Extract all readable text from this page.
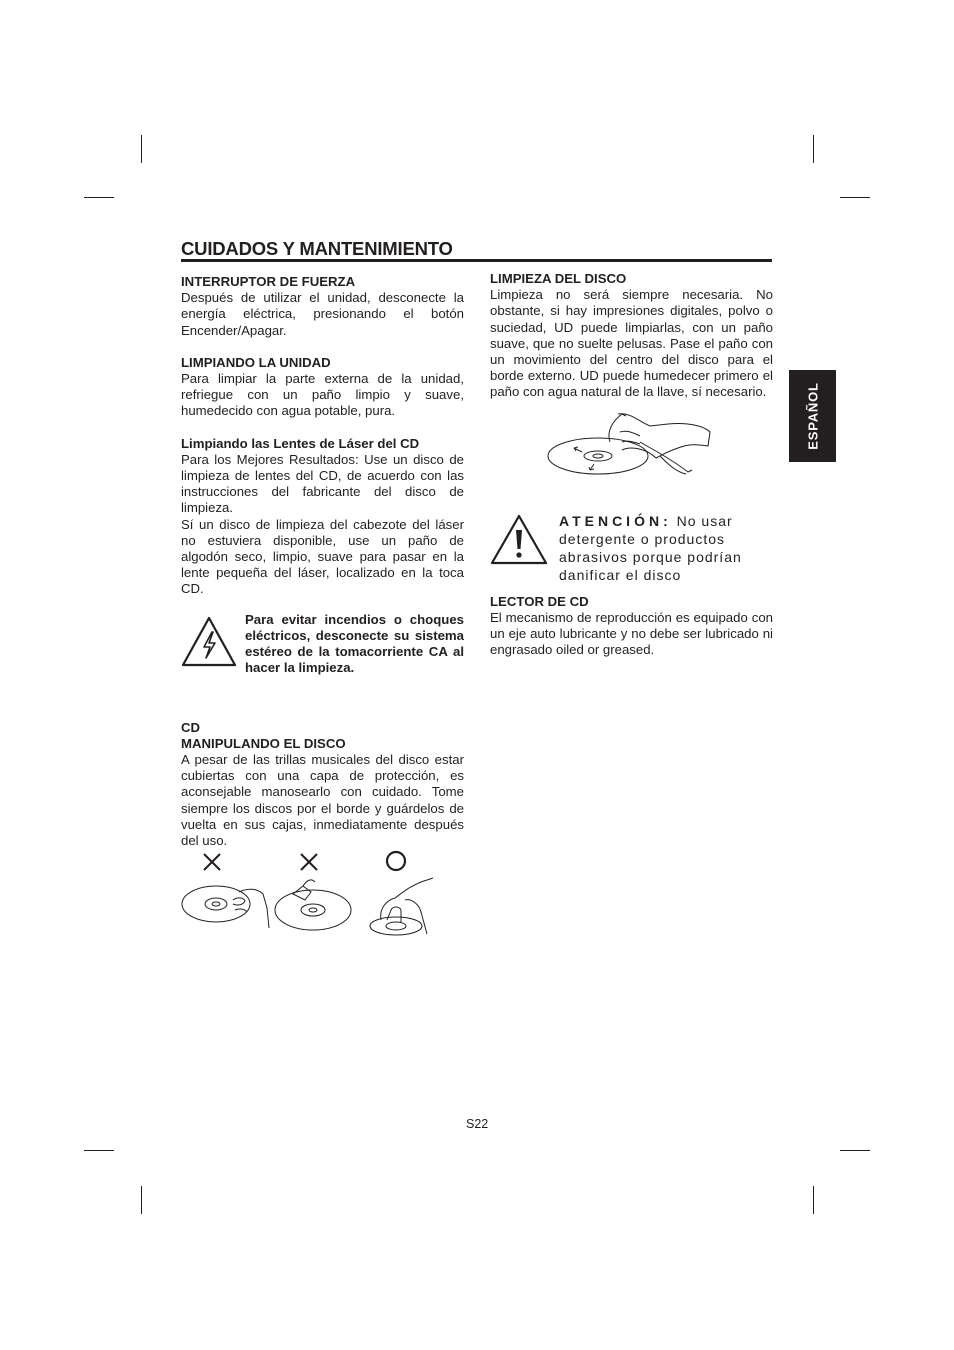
CUIDADOS Y MANTENIMIENTO
INTERRUPTOR DE FUERZA

Después de utilizar el unidad, desconecte la energía eléctrica, presionando el botón Encender/Apagar.

LIMPIANDO LA UNIDAD

Para limpiar la parte externa de la unidad, refriegue con un paño limpio y suave, humedecido con agua potable, pura.

Limpiando las Lentes de Láser del CD

Para los Mejores Resultados: Use un disco de limpieza de lentes del CD, de acuerdo con las instrucciones del fabricante del disco de limpieza.

Sí un disco de limpieza del cabezote del láser no estuviera disponible, use un paño de algodón seco, limpio, suave para pasar en la lente pequeña del láser, localizado en la toca CD.

Para evitar incendios o choques eléctricos, desconecte su sistema estéreo de la tomacorriente CA al hacer la limpieza.
CD
MANIPULANDO EL DISCO

A pesar de las trillas musicales del disco estar cubiertas con una capa de protección, es aconsejable manosearlo con cuidado. Tome siempre los discos por el borde y guárdelos de vuelta en sus cajas, inmediatamente después del uso.

LIMPIEZA DEL DISCO

Limpieza no será siempre necesaria. No obstante, si hay impresiones digitales, polvo o suciedad, UD puede limpiarlas, con un paño suave, que no suelte pelusas. Pase el paño con un movimiento del centro del disco para el borde externo. UD puede humedecer primero el paño con agua natural de la llave, sí necesario.

ATENCIÓN: No usar detergente o productos abrasivos porque podrían danificar el disco
LECTOR DE CD

El mecanismo de reproducción es equipado con un eje auto lubricante y no debe ser lubricado ni engrasado oiled or greased.

ESPAÑOL
S22
